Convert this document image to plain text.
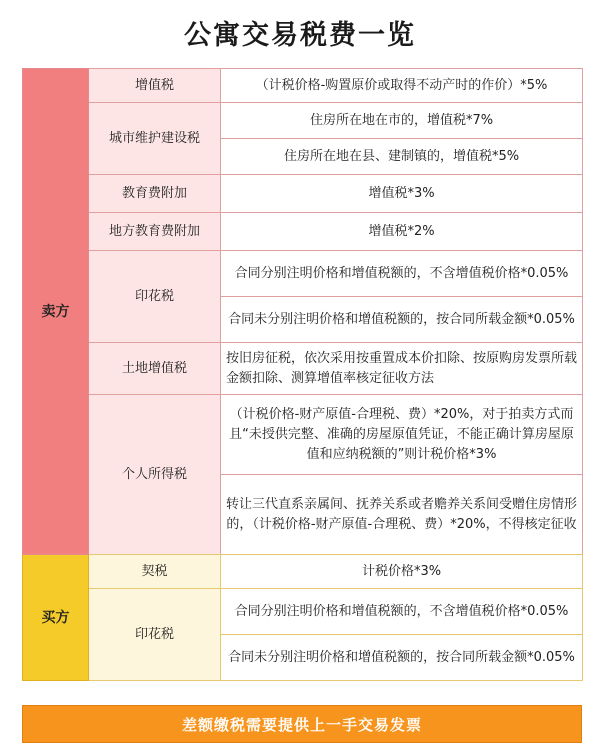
公寓交易税费一览
卖方	增值税	（计税价格-购置原价或取得不动产时的作价）*5%
	城市维护建设税	住房所在地在市的，增值税*7%
		住房所在地在县、建制镇的，增值税*5%
	教育费附加	增值税*3%
	地方教育费附加	增值税*2%
	印花税	合同分别注明价格和增值税额的，不含增值税价格*0.05%
		合同未分别注明价格和增值税额的，按合同所载金额*0.05%
	土地增值税	按旧房征税，依次采用按重置成本价扣除、按原购房发票所载金额扣除、测算增值率核定征收方法
	个人所得税	（计税价格-财产原值-合理税、费）*20%，对于拍卖方式而且“未授供完整、准确的房屋原值凭证，不能正确计算房屋原值和应纳税额的”则计税价格*3%
		转让三代直系亲属间、抚养关系或者赡养关系间受赠住房情形的，（计税价格-财产原值-合理税、费）*20%，不得核定征收

买方	契税	计税价格*3%
	印花税	合同分别注明价格和增值税额的，不含增值税价格*0.05%
		合同未分别注明价格和增值税额的，按合同所载金额*0.05%
差额缴税需要提供上一手交易发票
